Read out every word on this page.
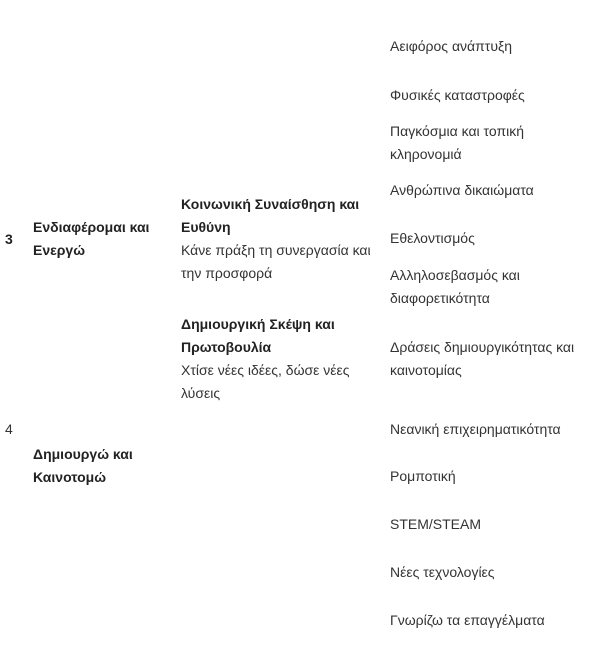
3
Ενδιαφέρομαι και Ενεργώ
4
Δημιουργώ και Καινοτομώ
Κοινωνική Συναίσθηση και Ευθύνη
Κάνε πράξη τη συνεργασία και την προσφορά
Δημιουργική Σκέψη και Πρωτοβουλία
Χτίσε νέες ιδέες, δώσε νέες λύσεις
Αειφόρος ανάπτυξη
Φυσικές καταστροφές
Παγκόσμια και τοπική κληρονομιά
Ανθρώπινα δικαιώματα
Εθελοντισμός
Αλληλοσεβασμός και διαφορετικότητα
Δράσεις δημιουργικότητας και καινοτομίας
Νεανική επιχειρηματικότητα
Ρομποτική
STEM/STEAM
Νέες τεχνολογίες
Γνωρίζω τα επαγγέλματα
